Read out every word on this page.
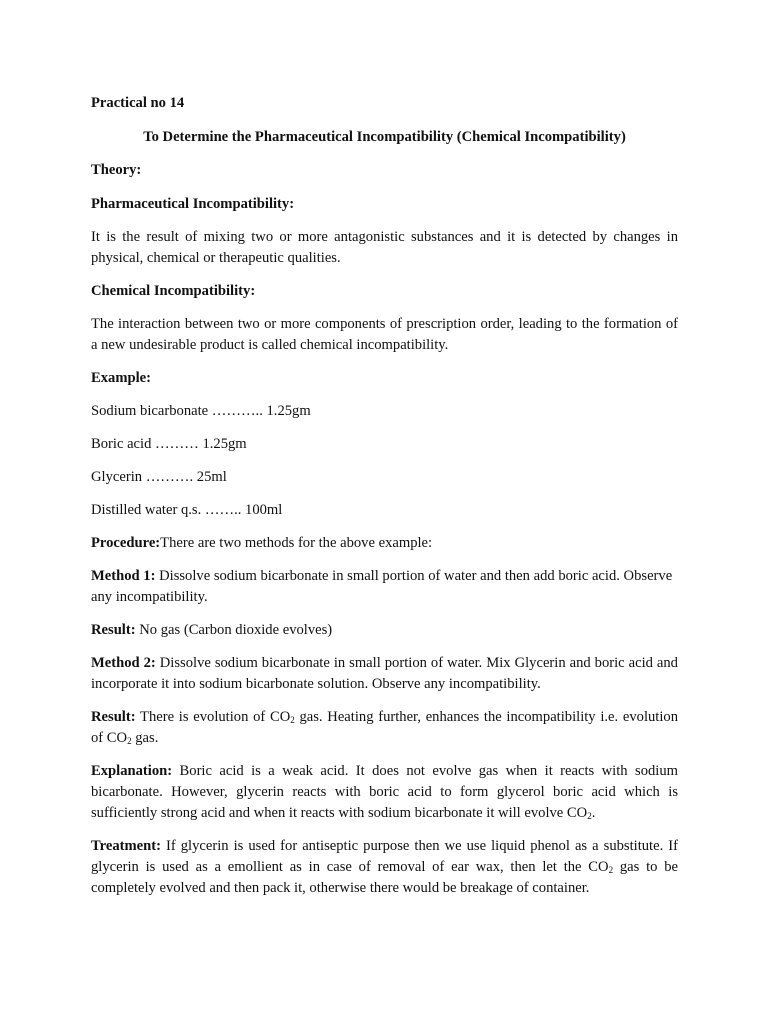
Practical no 14

To Determine the Pharmaceutical Incompatibility (Chemical Incompatibility)

Theory:

Pharmaceutical Incompatibility:

It is the result of mixing two or more antagonistic substances and it is detected by changes in physical, chemical or therapeutic qualities.

Chemical Incompatibility:

The interaction between two or more components of prescription order, leading to the formation of a new undesirable product is called chemical incompatibility.

Example:

Sodium bicarbonate ……….. 1.25gm

Boric acid ……… 1.25gm

Glycerin ………. 25ml

Distilled water q.s. …….. 100ml

Procedure:There are two methods for the above example:

Method 1: Dissolve sodium bicarbonate in small portion of water and then add boric acid. Observe any incompatibility.

Result: No gas (Carbon dioxide evolves)

Method 2: Dissolve sodium bicarbonate in small portion of water. Mix Glycerin and boric acid and incorporate it into sodium bicarbonate solution. Observe any incompatibility.

Result: There is evolution of $CO_2$ gas. Heating further, enhances the incompatibility i.e. evolution of $CO_2$ gas.

Explanation: Boric acid is a weak acid. It does not evolve gas when it reacts with sodium bicarbonate. However, glycerin reacts with boric acid to form glycerol boric acid which is sufficiently strong acid and when it reacts with sodium bicarbonate it will evolve $CO_2$.

Treatment: If glycerin is used for antiseptic purpose then we use liquid phenol as a substitute. If glycerin is used as a emollient as in case of removal of ear wax, then let the $CO_2$ gas to be completely evolved and then pack it, otherwise there would be breakage of container.
